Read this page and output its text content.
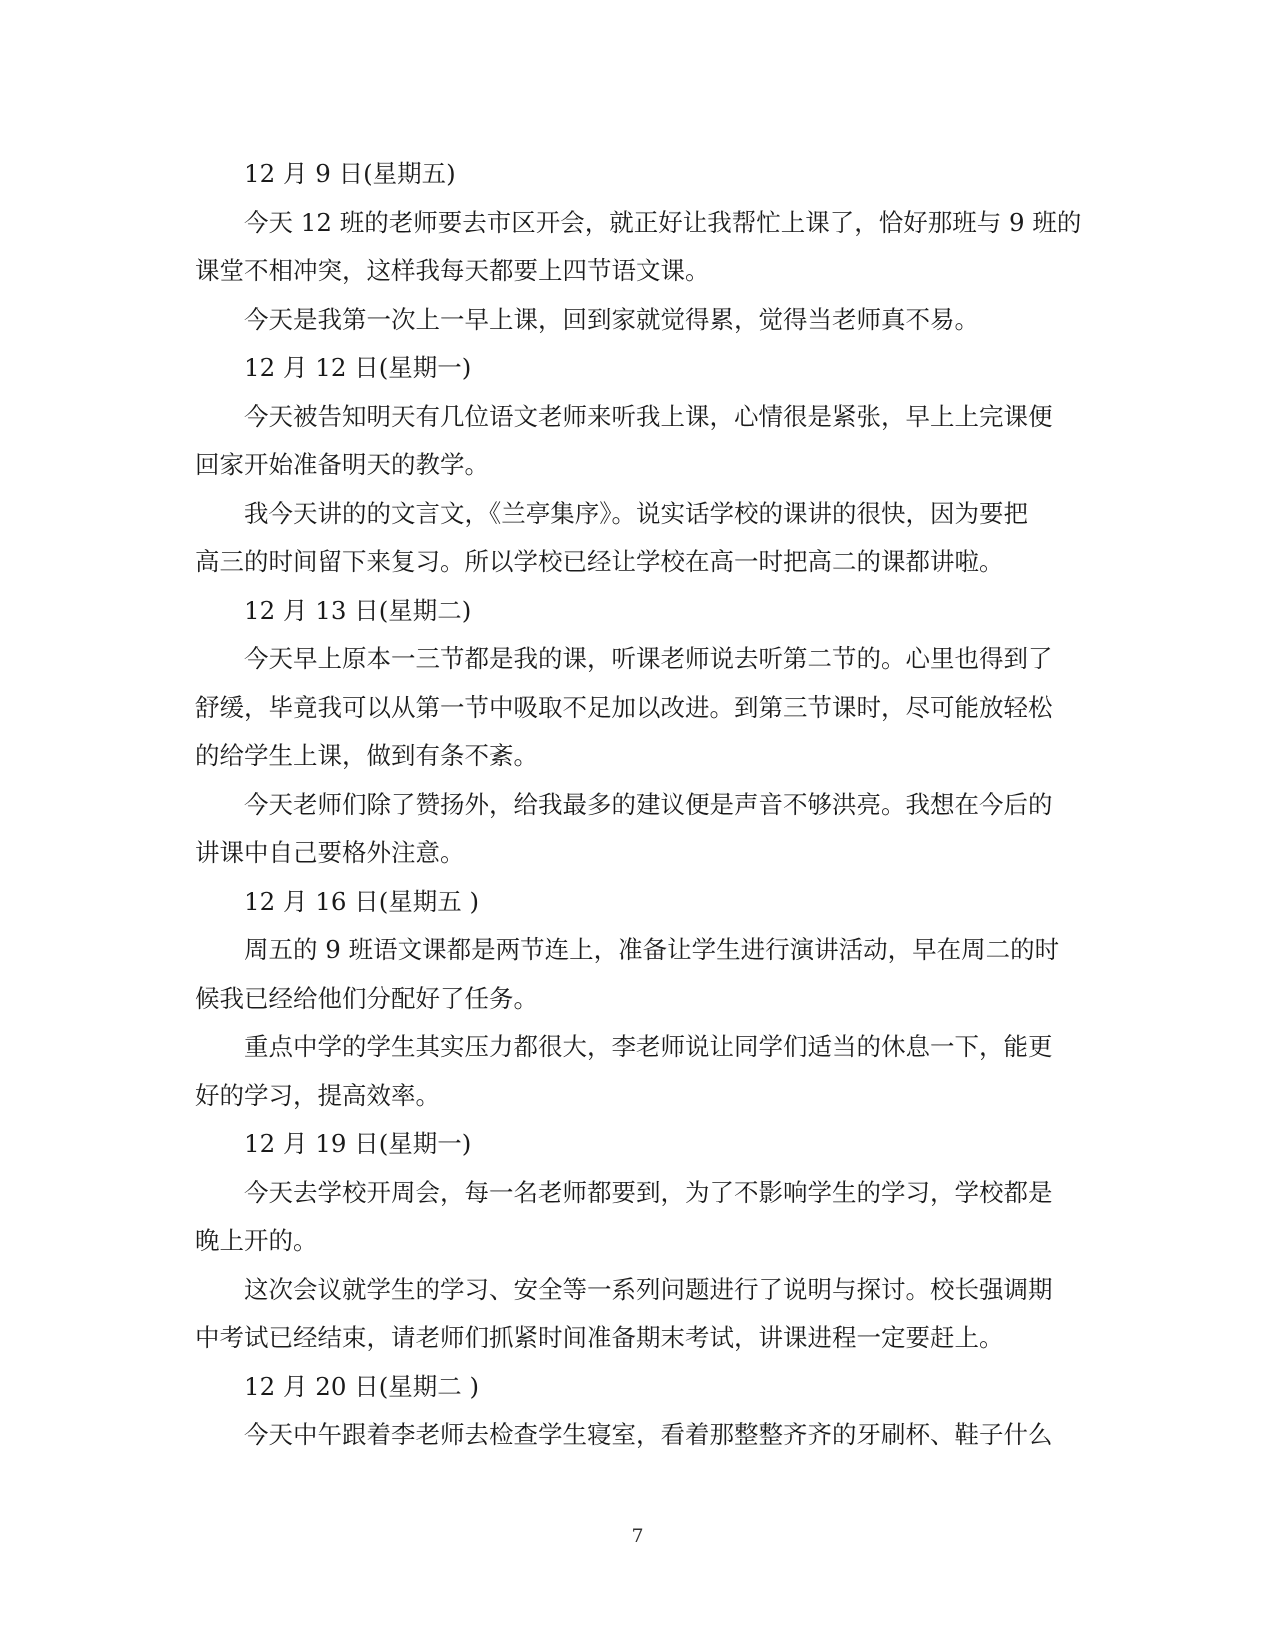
12 月 9 日(星期五)

今天 12 班的老师要去市区开会，就正好让我帮忙上课了，恰好那班与 9 班的

课堂不相冲突，这样我每天都要上四节语文课。

今天是我第一次上一早上课，回到家就觉得累，觉得当老师真不易。

12 月 12 日(星期一)

今天被告知明天有几位语文老师来听我上课，心情很是紧张，早上上完课便

回家开始准备明天的教学。

我今天讲的的文言文，《兰亭集序》。说实话学校的课讲的很快，因为要把

高三的时间留下来复习。所以学校已经让学校在高一时把高二的课都讲啦。

12 月 13 日(星期二)

今天早上原本一三节都是我的课，听课老师说去听第二节的。心里也得到了

舒缓，毕竟我可以从第一节中吸取不足加以改进。到第三节课时，尽可能放轻松

的给学生上课，做到有条不紊。

今天老师们除了赞扬外，给我最多的建议便是声音不够洪亮。我想在今后的

讲课中自己要格外注意。

12 月 16 日(星期五 )

周五的 9 班语文课都是两节连上，准备让学生进行演讲活动，早在周二的时

候我已经给他们分配好了任务。

重点中学的学生其实压力都很大，李老师说让同学们适当的休息一下，能更

好的学习，提高效率。

12 月 19 日(星期一)

今天去学校开周会，每一名老师都要到，为了不影响学生的学习，学校都是

晚上开的。

这次会议就学生的学习、安全等一系列问题进行了说明与探讨。校长强调期

中考试已经结束，请老师们抓紧时间准备期末考试，讲课进程一定要赶上。

12 月 20 日(星期二 )

今天中午跟着李老师去检查学生寝室，看着那整整齐齐的牙刷杯、鞋子什么

7
